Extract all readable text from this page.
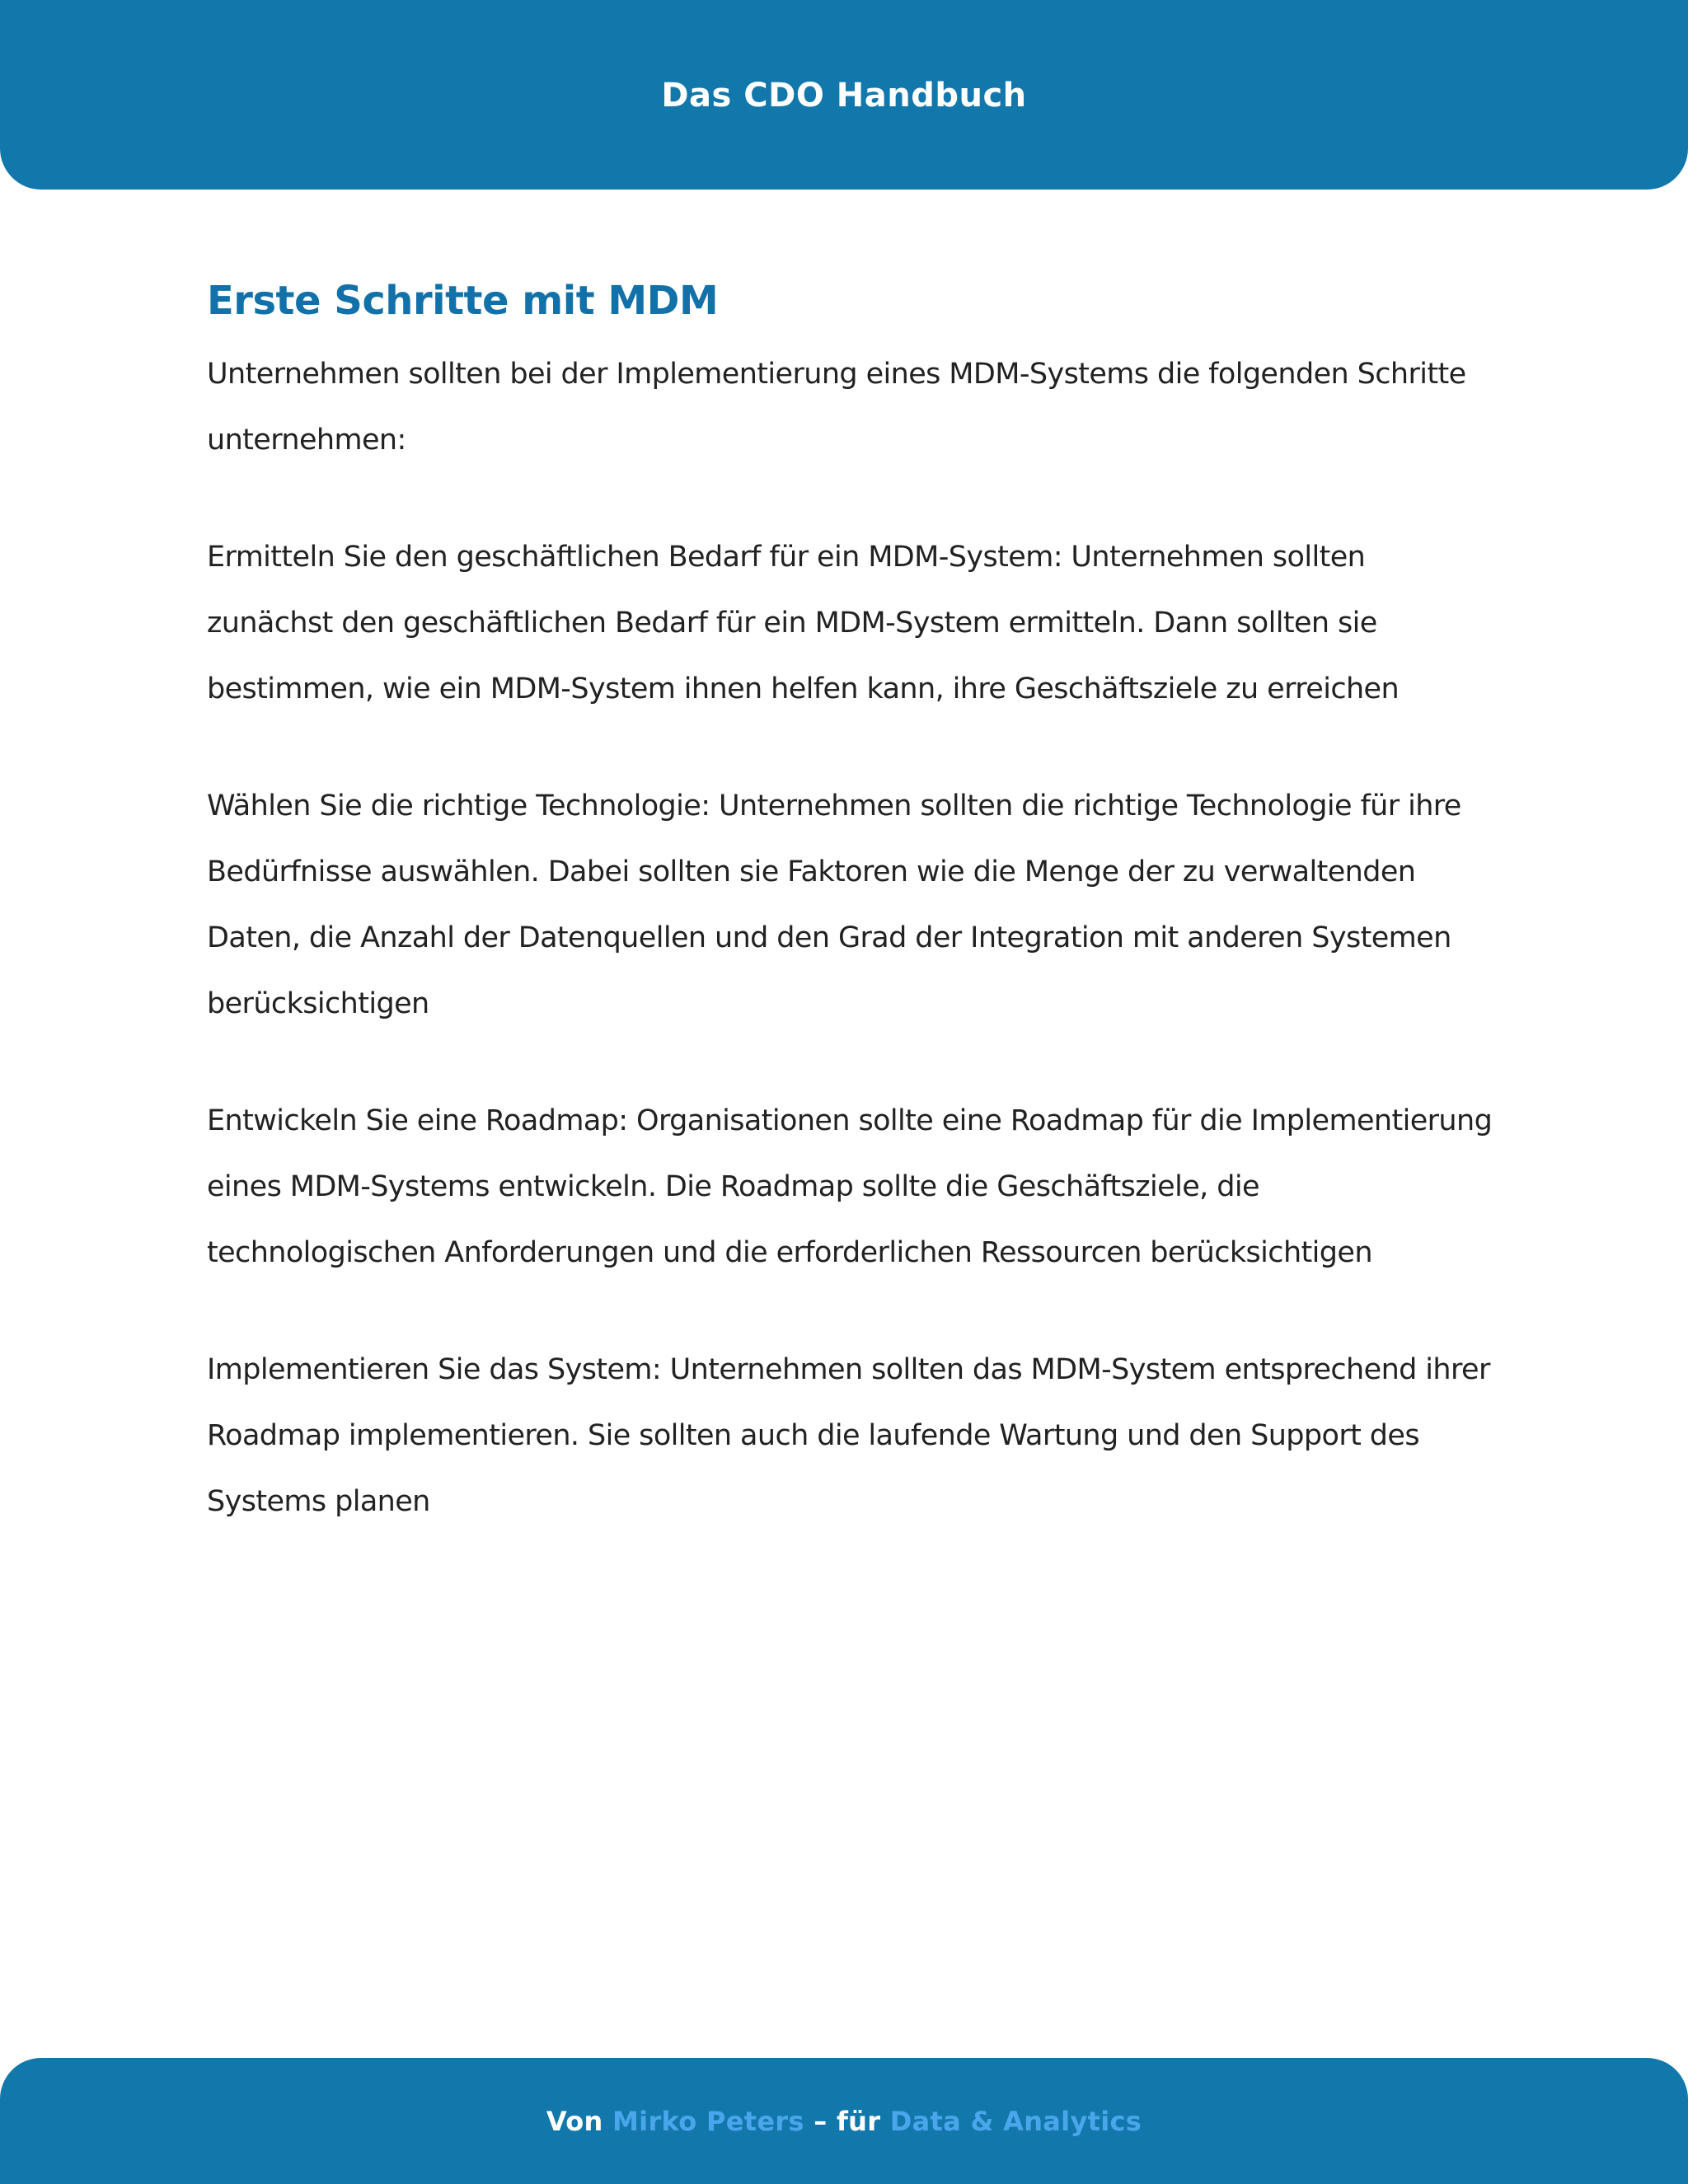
Das CDO Handbuch
Erste Schritte mit MDM

Unternehmen sollten bei der Implementierung eines MDM-Systems die folgenden Schritte unternehmen:

Ermitteln Sie den geschäftlichen Bedarf für ein MDM-System: Unternehmen sollten zunächst den geschäftlichen Bedarf für ein MDM-System ermitteln. Dann sollten sie bestimmen, wie ein MDM-System ihnen helfen kann, ihre Geschäftsziele zu erreichen

Wählen Sie die richtige Technologie: Unternehmen sollten die richtige Technologie für ihre Bedürfnisse auswählen. Dabei sollten sie Faktoren wie die Menge der zu verwaltenden Daten, die Anzahl der Datenquellen und den Grad der Integration mit anderen Systemen berücksichtigen

Entwickeln Sie eine Roadmap: Organisationen sollte eine Roadmap für die Implementierung eines MDM-Systems entwickeln. Die Roadmap sollte die Geschäftsziele, die technologischen Anforderungen und die erforderlichen Ressourcen berücksichtigen

Implementieren Sie das System: Unternehmen sollten das MDM-System entsprechend ihrer Roadmap implementieren. Sie sollten auch die laufende Wartung und den Support des Systems planen

Von Mirko Peters – für Data & Analytics
